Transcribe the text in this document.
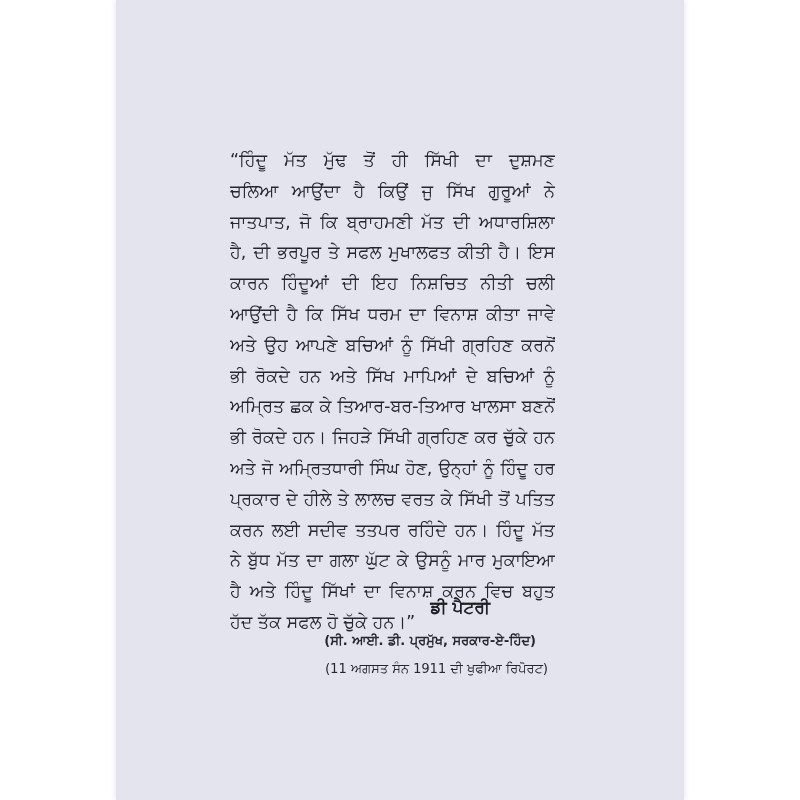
“ਹਿੰਦੂ ਮੱਤ ਮੁੱਢ ਤੋਂ ਹੀ ਸਿੱਖੀ ਦਾ ਦੁਸ਼ਮਣ
ਚਲਿਆ ਆਉਂਦਾ ਹੈ ਕਿਉਂ ਜੁ ਸਿੱਖ ਗੁਰੂਆਂ ਨੇ
ਜਾਤਪਾਤ, ਜੋ ਕਿ ਬ੍ਰਾਹਮਣੀ ਮੱਤ ਦੀ ਅਧਾਰਸ਼ਿਲਾ
ਹੈ, ਦੀ ਭਰਪੂਰ ਤੇ ਸਫਲ ਮੁਖਾਲਫਤ ਕੀਤੀ ਹੈ। ਇਸ
ਕਾਰਨ ਹਿੰਦੂਆਂ ਦੀ ਇਹ ਨਿਸ਼ਚਿਤ ਨੀਤੀ ਚਲੀ
ਆਉਂਦੀ ਹੈ ਕਿ ਸਿੱਖ ਧਰਮ ਦਾ ਵਿਨਾਸ਼ ਕੀਤਾ ਜਾਵੇ
ਅਤੇ ਉਹ ਆਪਣੇ ਬਚਿਆਂ ਨੂੰ ਸਿੱਖੀ ਗ੍ਰਹਿਣ ਕਰਨੋਂ
ਭੀ ਰੋਕਦੇ ਹਨ ਅਤੇ ਸਿੱਖ ਮਾਪਿਆਂ ਦੇ ਬਚਿਆਂ ਨੂੰ
ਅਮ੍ਰਿਤ ਛਕ ਕੇ ਤਿਆਰ-ਬਰ-ਤਿਆਰ ਖਾਲਸਾ ਬਣਨੋਂ
ਭੀ ਰੋਕਦੇ ਹਨ। ਜਿਹੜੇ ਸਿੱਖੀ ਗ੍ਰਹਿਣ ਕਰ ਚੁੱਕੇ ਹਨ
ਅਤੇ ਜੋ ਅਮ੍ਰਿਤਧਾਰੀ ਸਿੰਘ ਹੋਣ, ਉਨ੍ਹਾਂ ਨੂੰ ਹਿੰਦੂ ਹਰ
ਪ੍ਰਕਾਰ ਦੇ ਹੀਲੇ ਤੇ ਲਾਲਚ ਵਰਤ ਕੇ ਸਿੱਖੀ ਤੋਂ ਪਤਿਤ
ਕਰਨ ਲਈ ਸਦੀਵ ਤਤਪਰ ਰਹਿੰਦੇ ਹਨ। ਹਿੰਦੂ ਮੱਤ
ਨੇ ਬੁੱਧ ਮੱਤ ਦਾ ਗਲਾ ਘੁੱਟ ਕੇ ਉਸਨੂੰ ਮਾਰ ਮੁਕਾਇਆ
ਹੈ ਅਤੇ ਹਿੰਦੂ ਸਿੱਖਾਂ ਦਾ ਵਿਨਾਸ਼ ਕਰਨ ਵਿਚ ਬਹੁਤ
ਹੱਦ ਤੱਕ ਸਫਲ ਹੋ ਚੁੱਕੇ ਹਨ।”

ਡੀ ਪੈਟਰੀ
(ਸੀ. ਆਈ. ਡੀ. ਪ੍ਰਮੁੱਖ, ਸਰਕਾਰ-ਏ-ਹਿੰਦ)
(11 ਅਗਸਤ ਸੰਨ 1911 ਦੀ ਖੁਫੀਆ ਰਿਪੋਰਟ)
